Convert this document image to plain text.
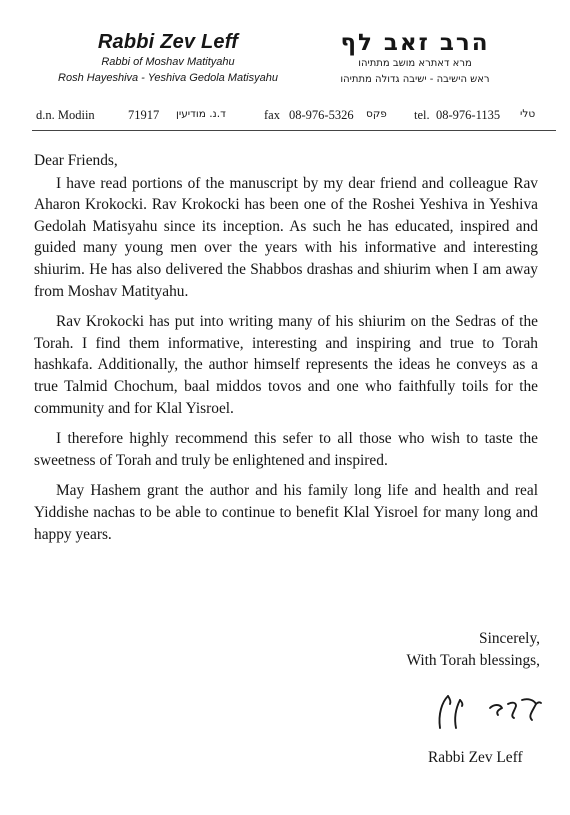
Rabbi Zev Leff
Rabbi of Moshav Matityahu
Rosh Hayeshiva - Yeshiva Gedola Matisyahu
הרב זאב לף
מרא דאתרא מושב מתתיהו
ראש הישיבה - ישיבה גדולה מתתיהו
d.n. Modiin	71917 ד.נ. מודיעין	fax 08-976-5326 פקס tel. 08-976-1135 טלי

Dear Friends,

I have read portions of the manuscript by my dear friend and colleague Rav Aharon Krokocki. Rav Krokocki has been one of the Roshei Yeshiva in Yeshiva Gedolah Matisyahu since its inception. As such he has educated, inspired and guided many young men over the years with his informative and interesting shiurim. He has also delivered the Shabbos drashas and shiurim when I am away from Moshav Matityahu.

Rav Krokocki has put into writing many of his shiurim on the Sedras of the Torah. I find them informative, interesting and inspiring and true to Torah hashkafa. Additionally, the author himself represents the ideas he conveys as a true Talmid Chochum, baal middos tovos and one who faithfully toils for the community and for Klal Yisroel.

I therefore highly recommend this sefer to all those who wish to taste the sweetness of Torah and truly be enlightened and inspired.

May Hashem grant the author and his family long life and health and real Yiddishe nachas to be able to continue to benefit Klal Yisroel for many long and happy years.

Sincerely,
With Torah blessings,
Rabbi Zev Leff
